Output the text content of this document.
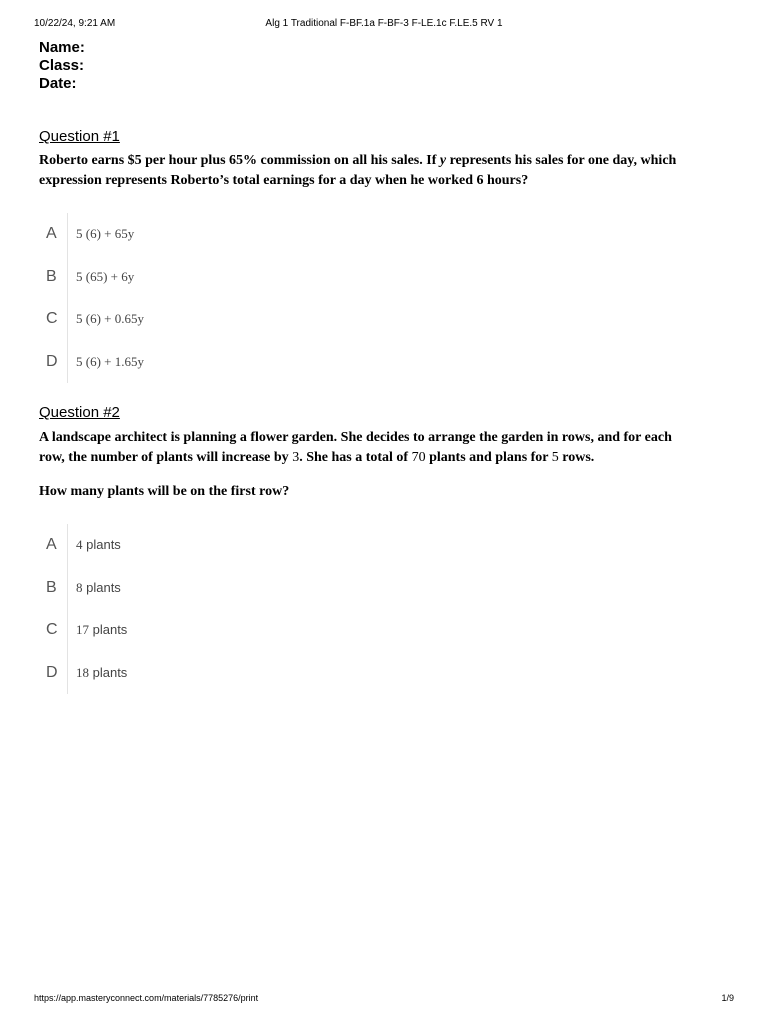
10/22/24, 9:21 AM	Alg 1 Traditional F-BF.1a F-BF-3 F-LE.1c F.LE.5 RV 1
Name:
Class:
Date:
Question #1
Roberto earns $5 per hour plus 65% commission on all his sales. If y represents his sales for one day, which expression represents Roberto’s total earnings for a day when he worked 6 hours?
A	5 (6) + 65y
B	5 (65) + 6y
C	5 (6) + 0.65y
D	5 (6) + 1.65y
Question #2
A landscape architect is planning a flower garden. She decides to arrange the garden in rows, and for each row, the number of plants will increase by 3. She has a total of 70 plants and plans for 5 rows.
How many plants will be on the first row?
A	4 plants
B	8 plants
C	17 plants
D	18 plants
https://app.masteryconnect.com/materials/7785276/print	1/9
